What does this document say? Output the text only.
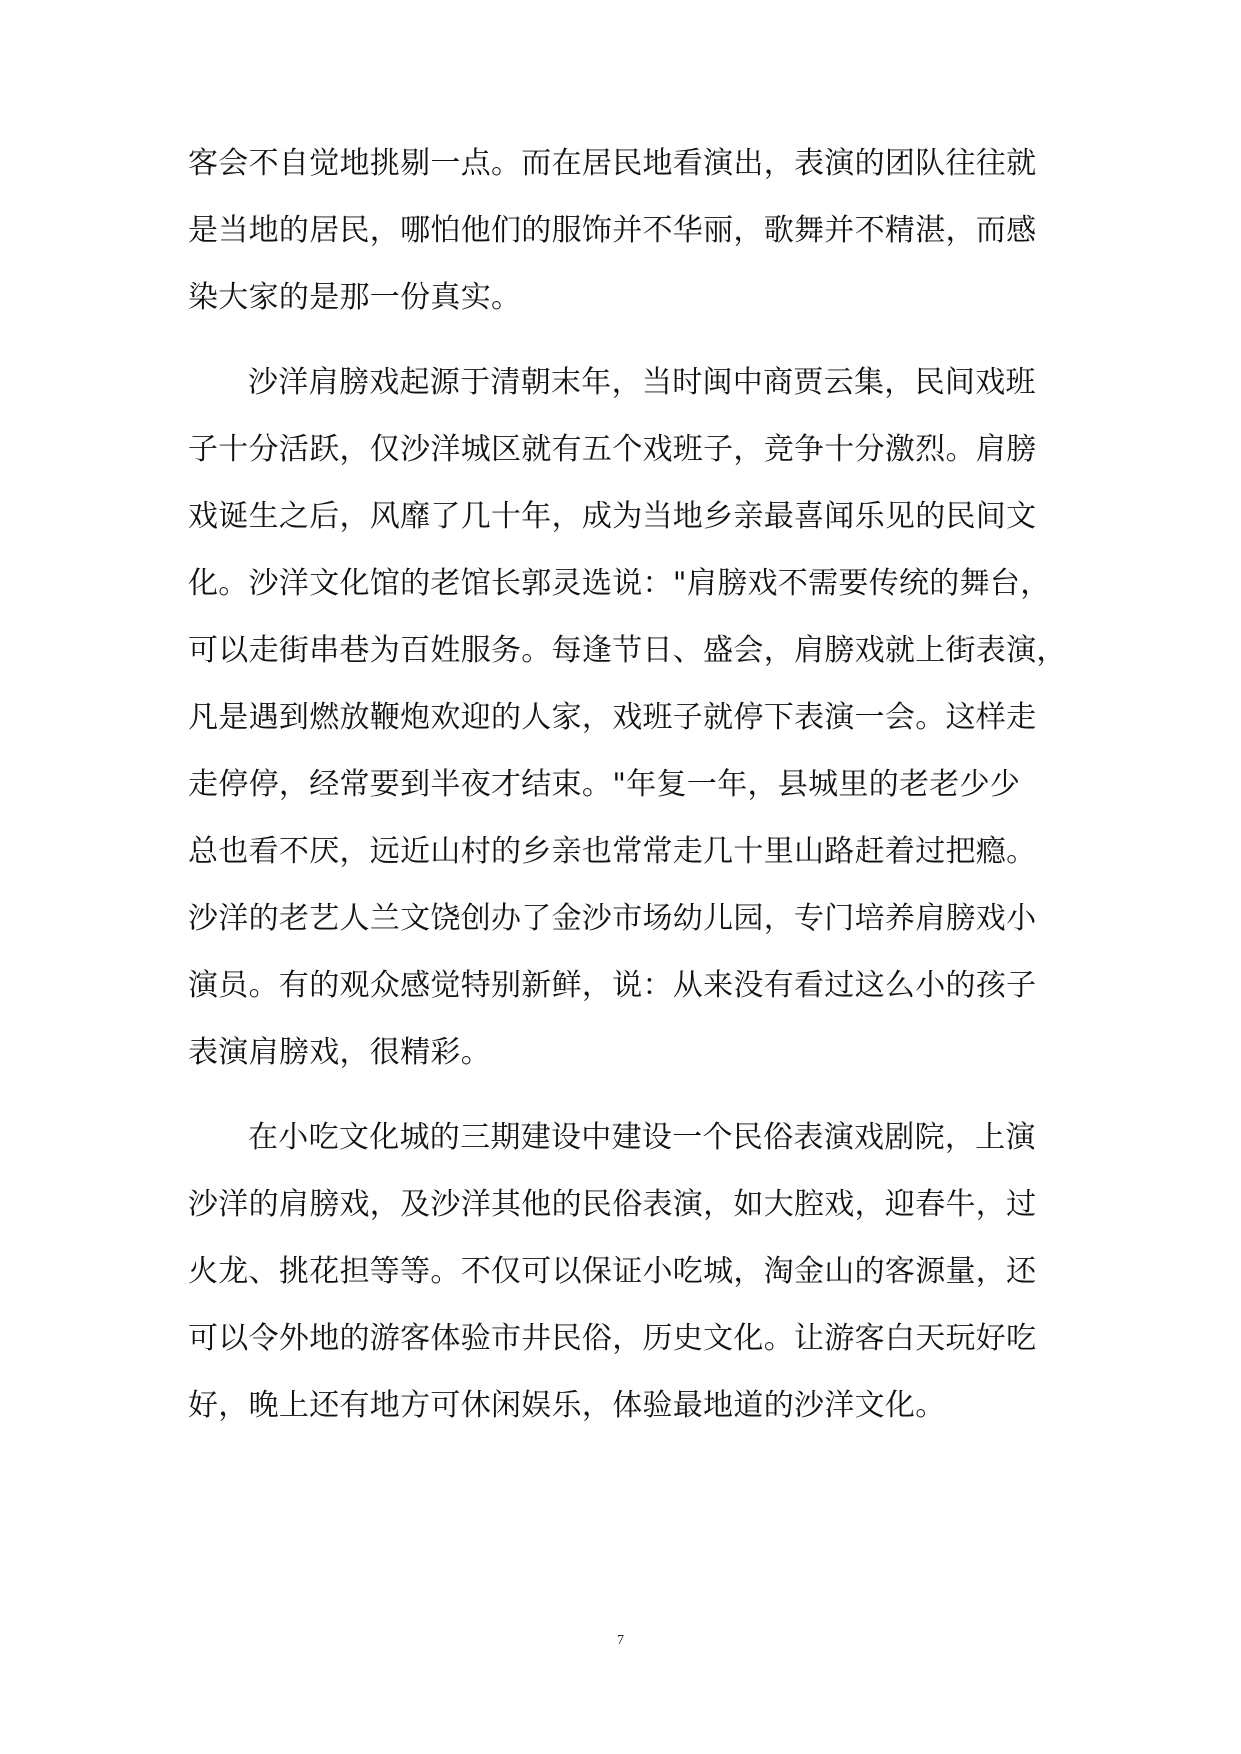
客会不自觉地挑剔一点。而在居民地看演出，表演的团队往往就
是当地的居民，哪怕他们的服饰并不华丽，歌舞并不精湛，而感
染大家的是那一份真实。
沙洋肩膀戏起源于清朝末年，当时闽中商贾云集，民间戏班
子十分活跃，仅沙洋城区就有五个戏班子，竞争十分激烈。肩膀
戏诞生之后，风靡了几十年，成为当地乡亲最喜闻乐见的民间文
化。沙洋文化馆的老馆长郭灵选说："肩膀戏不需要传统的舞台，
可以走街串巷为百姓服务。每逢节日、盛会，肩膀戏就上街表演，
凡是遇到燃放鞭炮欢迎的人家，戏班子就停下表演一会。这样走
走停停，经常要到半夜才结束。"年复一年，县城里的老老少少
总也看不厌，远近山村的乡亲也常常走几十里山路赶着过把瘾。
沙洋的老艺人兰文饶创办了金沙市场幼儿园，专门培养肩膀戏小
演员。有的观众感觉特别新鲜，说：从来没有看过这么小的孩子
表演肩膀戏，很精彩。
在小吃文化城的三期建设中建设一个民俗表演戏剧院，上演
沙洋的肩膀戏，及沙洋其他的民俗表演，如大腔戏，迎春牛，过
火龙、挑花担等等。不仅可以保证小吃城，淘金山的客源量，还
可以令外地的游客体验市井民俗，历史文化。让游客白天玩好吃
好，晚上还有地方可休闲娱乐，体验最地道的沙洋文化。
7
